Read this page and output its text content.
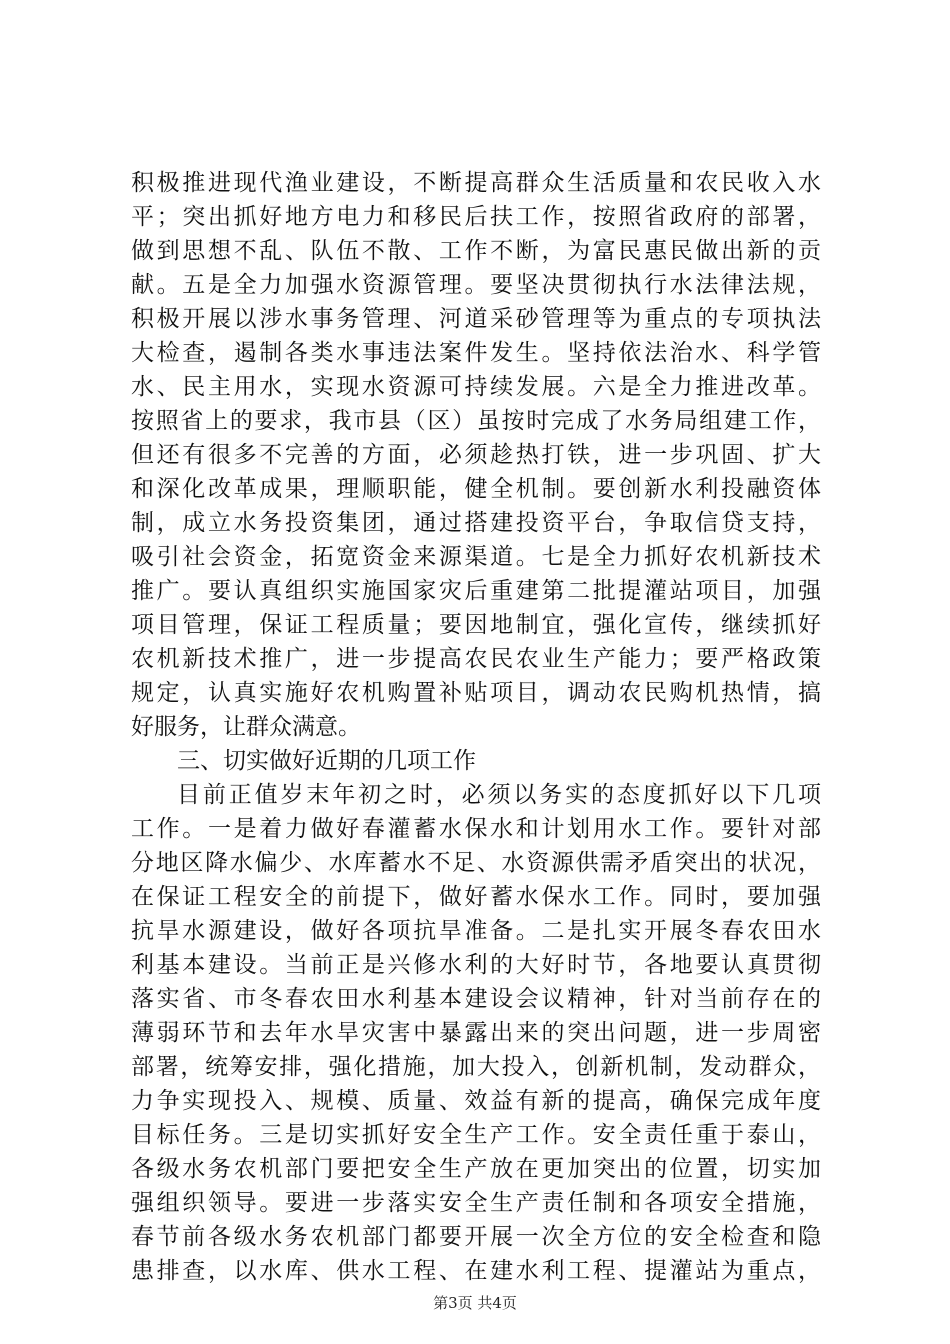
积极推进现代渔业建设，不断提高群众生活质量和农民收入水
平；突出抓好地方电力和移民后扶工作，按照省政府的部署，
做到思想不乱、队伍不散、工作不断，为富民惠民做出新的贡
献。五是全力加强水资源管理。要坚决贯彻执行水法律法规，
积极开展以涉水事务管理、河道采砂管理等为重点的专项执法
大检查，遏制各类水事违法案件发生。坚持依法治水、科学管
水、民主用水，实现水资源可持续发展。六是全力推进改革。
按照省上的要求，我市县（区）虽按时完成了水务局组建工作，
但还有很多不完善的方面，必须趁热打铁，进一步巩固、扩大
和深化改革成果，理顺职能，健全机制。要创新水利投融资体
制，成立水务投资集团，通过搭建投资平台，争取信贷支持，
吸引社会资金，拓宽资金来源渠道。七是全力抓好农机新技术
推广。要认真组织实施国家灾后重建第二批提灌站项目，加强
项目管理，保证工程质量；要因地制宜，强化宣传，继续抓好
农机新技术推广，进一步提高农民农业生产能力；要严格政策
规定，认真实施好农机购置补贴项目，调动农民购机热情，搞
好服务，让群众满意。
三、切实做好近期的几项工作
目前正值岁末年初之时，必须以务实的态度抓好以下几项
工作。一是着力做好春灌蓄水保水和计划用水工作。要针对部
分地区降水偏少、水库蓄水不足、水资源供需矛盾突出的状况，
在保证工程安全的前提下，做好蓄水保水工作。同时，要加强
抗旱水源建设，做好各项抗旱准备。二是扎实开展冬春农田水
利基本建设。当前正是兴修水利的大好时节，各地要认真贯彻
落实省、市冬春农田水利基本建设会议精神，针对当前存在的
薄弱环节和去年水旱灾害中暴露出来的突出问题，进一步周密
部署，统筹安排，强化措施，加大投入，创新机制，发动群众，
力争实现投入、规模、质量、效益有新的提高，确保完成年度
目标任务。三是切实抓好安全生产工作。安全责任重于泰山，
各级水务农机部门要把安全生产放在更加突出的位置，切实加
强组织领导。要进一步落实安全生产责任制和各项安全措施，
春节前各级水务农机部门都要开展一次全方位的安全检查和隐
患排查，以水库、供水工程、在建水利工程、提灌站为重点，
第3页 共4页
